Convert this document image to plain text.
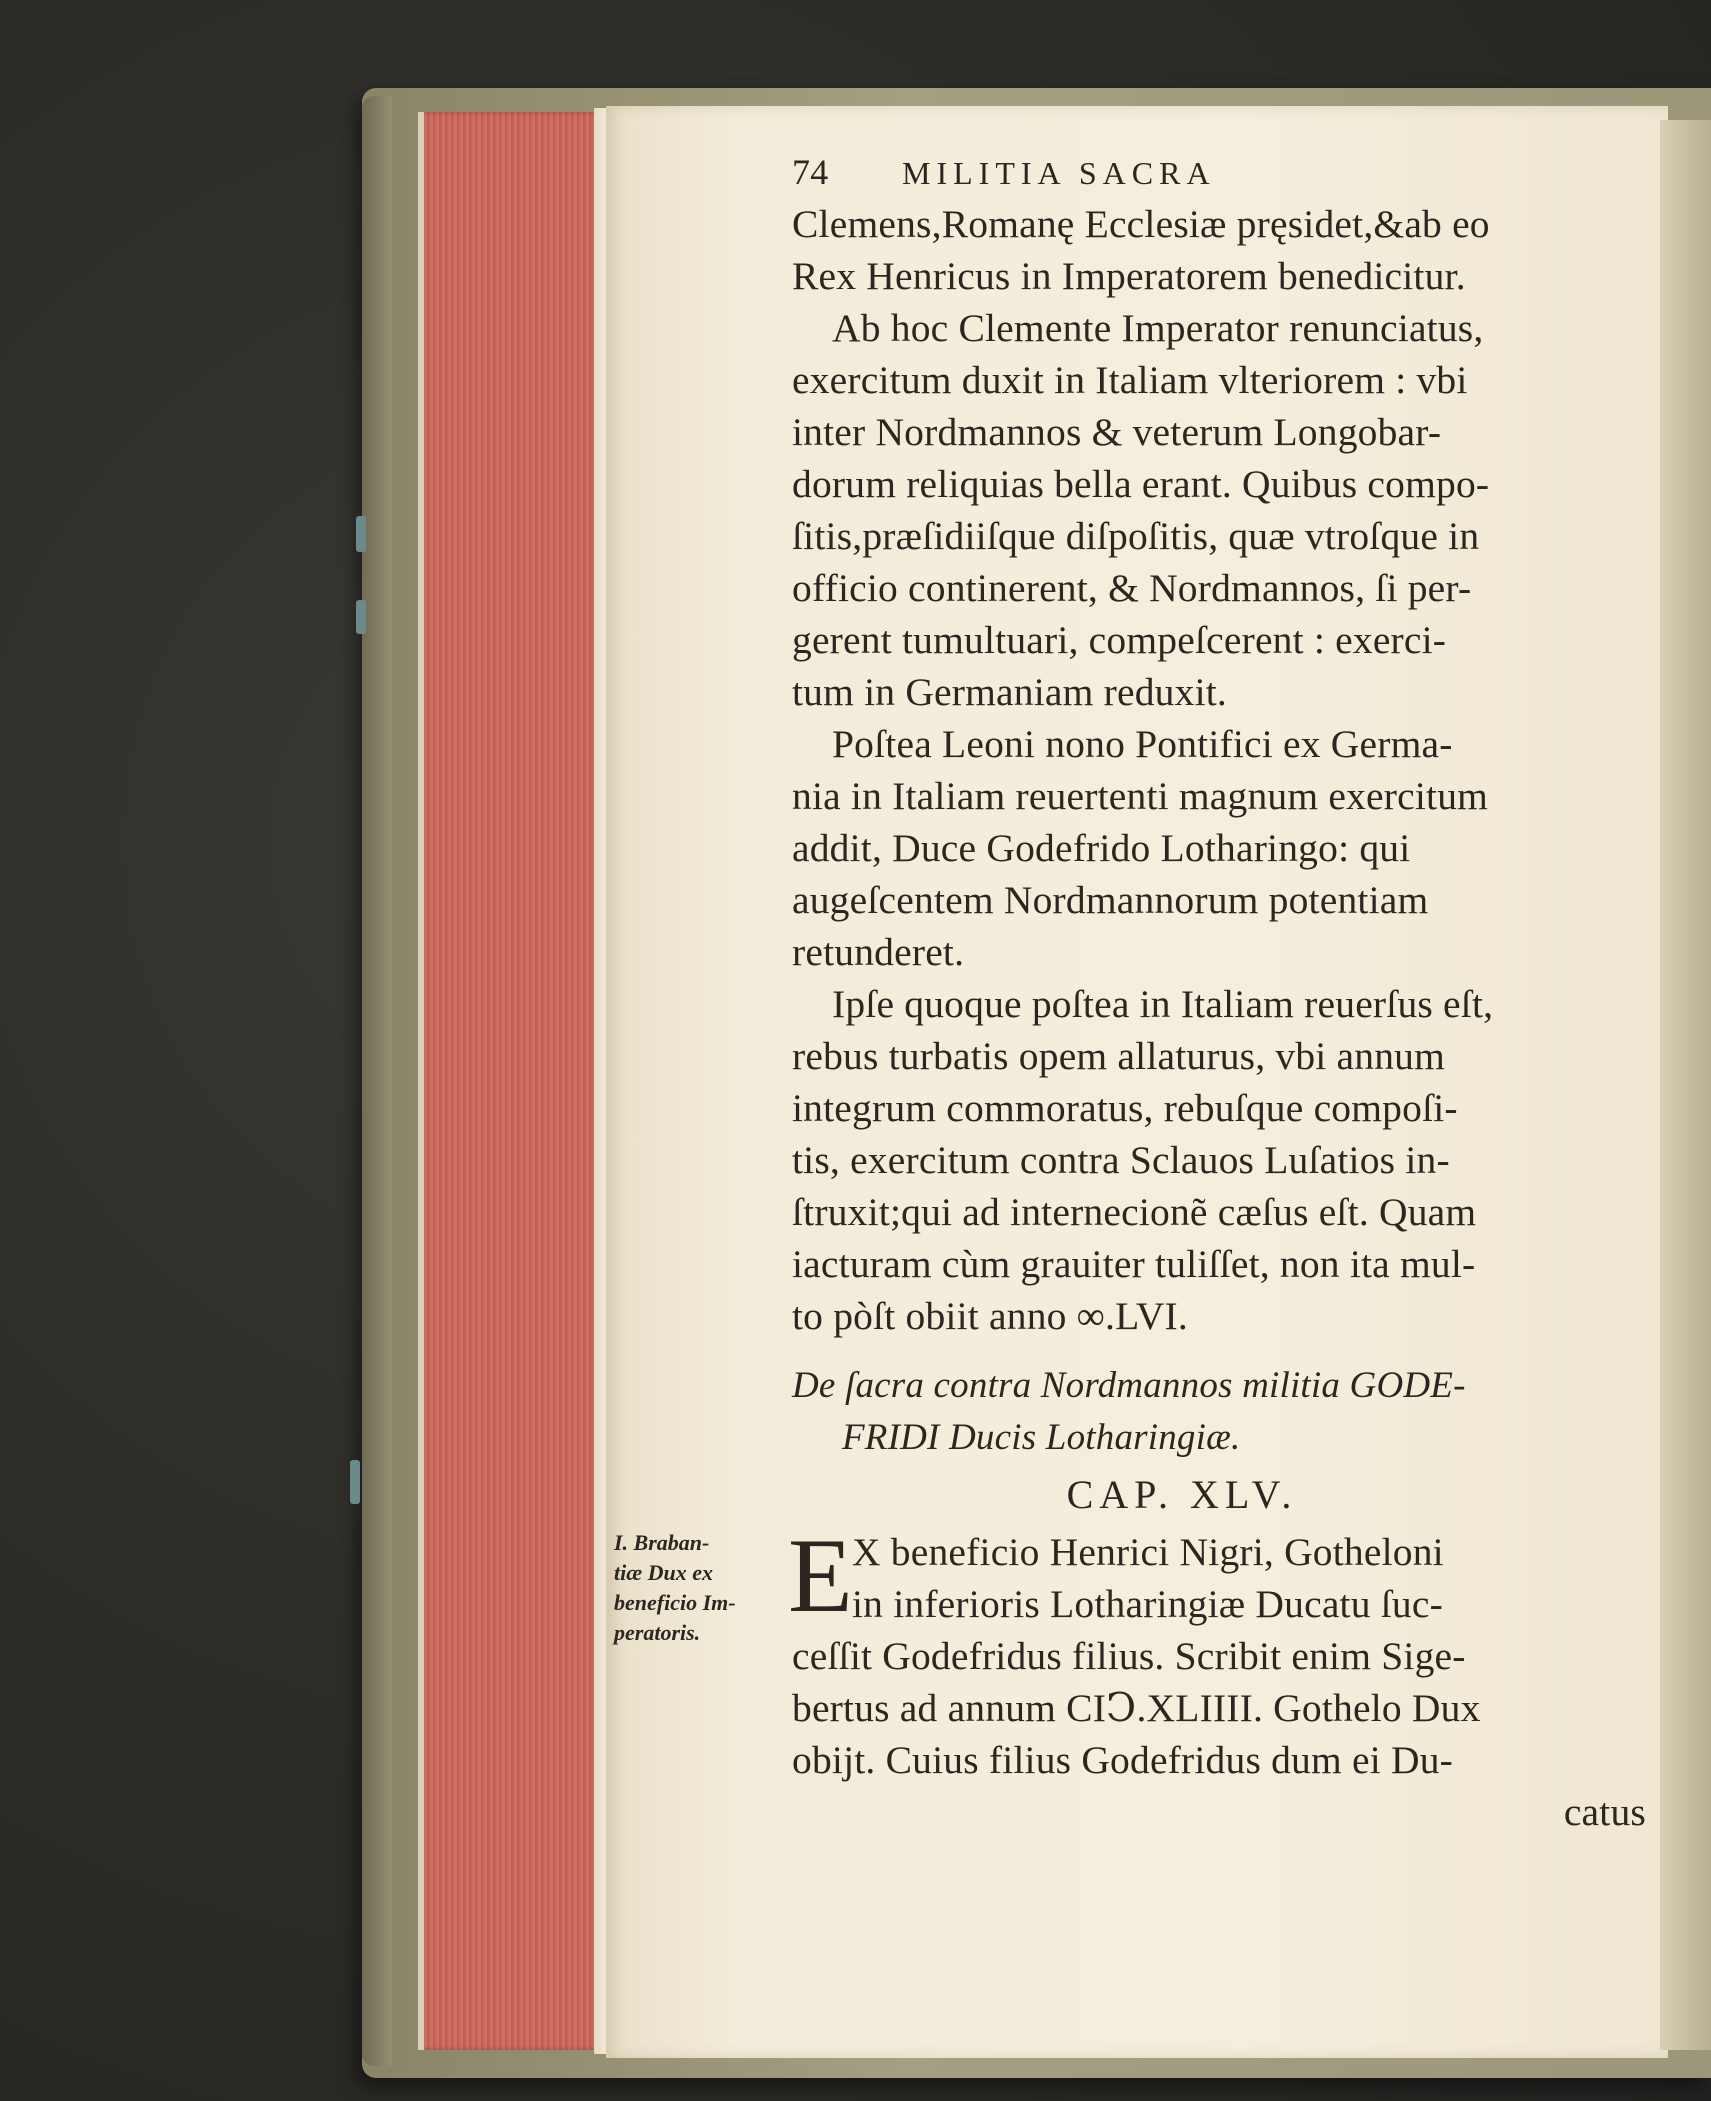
74	MILITIA SACRA
Clemens,Romanę Ecclesiæ pręsidet,&ab eo
Rex Henricus in Imperatorem benedicitur.
Ab hoc Clemente Imperator renunciatus,
exercitum duxit in Italiam vlteriorem : vbi
inter Nordmannos & veterum Longobar-
dorum reliquias bella erant. Quibus compo-
ſitis,præſidiiſque diſpoſitis, quæ vtroſque in
officio continerent, & Nordmannos, ſi per-
gerent tumultuari, compeſcerent : exerci-
tum in Germaniam reduxit.
Poſtea Leoni nono Pontifici ex Germa-
nia in Italiam reuertenti magnum exercitum
addit, Duce Godefrido Lotharingo: qui
augeſcentem Nordmannorum potentiam
retunderet.
Ipſe quoque poſtea in Italiam reuerſus eſt,
rebus turbatis opem allaturus, vbi annum
integrum commoratus, rebuſque compoſi-
tis, exercitum contra Sclauos Luſatios in-
ſtruxit;qui ad internecionẽ cæſus eſt. Quam
iacturam cùm grauiter tuliſſet, non ita mul-
to pòſt obiit anno ∞.LVI.
De ſacra contra Nordmannos militia GODE-
FRIDI Ducis Lotharingiæ.
CAP. XLV.
E X beneficio Henrici Nigri, Gotheloni
in inferioris Lotharingiæ Ducatu ſuc-
ceſſit Godefridus filius. Scribit enim Sige-
bertus ad annum CIↃ.XLIIII. Gothelo Dux
obijt. Cuius filius Godefridus dum ei Du-
catus
I. Braban-
tiæ Dux ex
beneficio Im-
peratoris.
